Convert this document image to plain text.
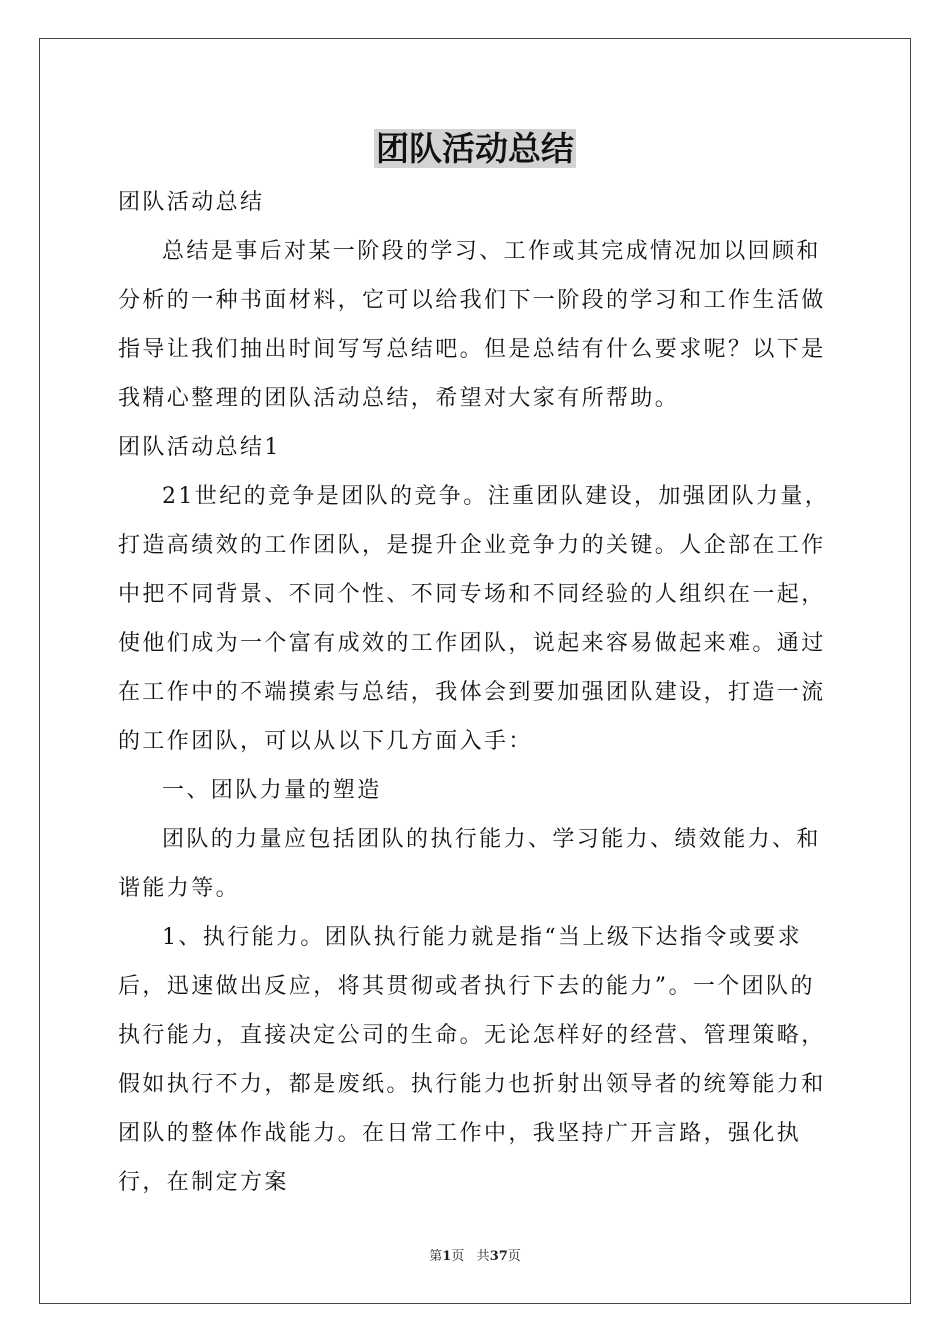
团队活动总结

团队活动总结

总结是事后对某一阶段的学习、工作或其完成情况加以回顾和分析的一种书面材料，它可以给我们下一阶段的学习和工作生活做指导让我们抽出时间写写总结吧。但是总结有什么要求呢？以下是我精心整理的团队活动总结，希望对大家有所帮助。

团队活动总结1

21世纪的竞争是团队的竞争。注重团队建设，加强团队力量，打造高绩效的工作团队，是提升企业竞争力的关键。人企部在工作中把不同背景、不同个性、不同专场和不同经验的人组织在一起，使他们成为一个富有成效的工作团队，说起来容易做起来难。通过在工作中的不端摸索与总结，我体会到要加强团队建设，打造一流的工作团队，可以从以下几方面入手：

一、团队力量的塑造

团队的力量应包括团队的执行能力、学习能力、绩效能力、和谐能力等。

1、执行能力。团队执行能力就是指“当上级下达指令或要求后，迅速做出反应，将其贯彻或者执行下去的能力”。一个团队的执行能力，直接决定公司的生命。无论怎样好的经营、管理策略，假如执行不力，都是废纸。执行能力也折射出领导者的统筹能力和团队的整体作战能力。在日常工作中，我坚持广开言路，强化执行，在制定方案

第1页 共37页
